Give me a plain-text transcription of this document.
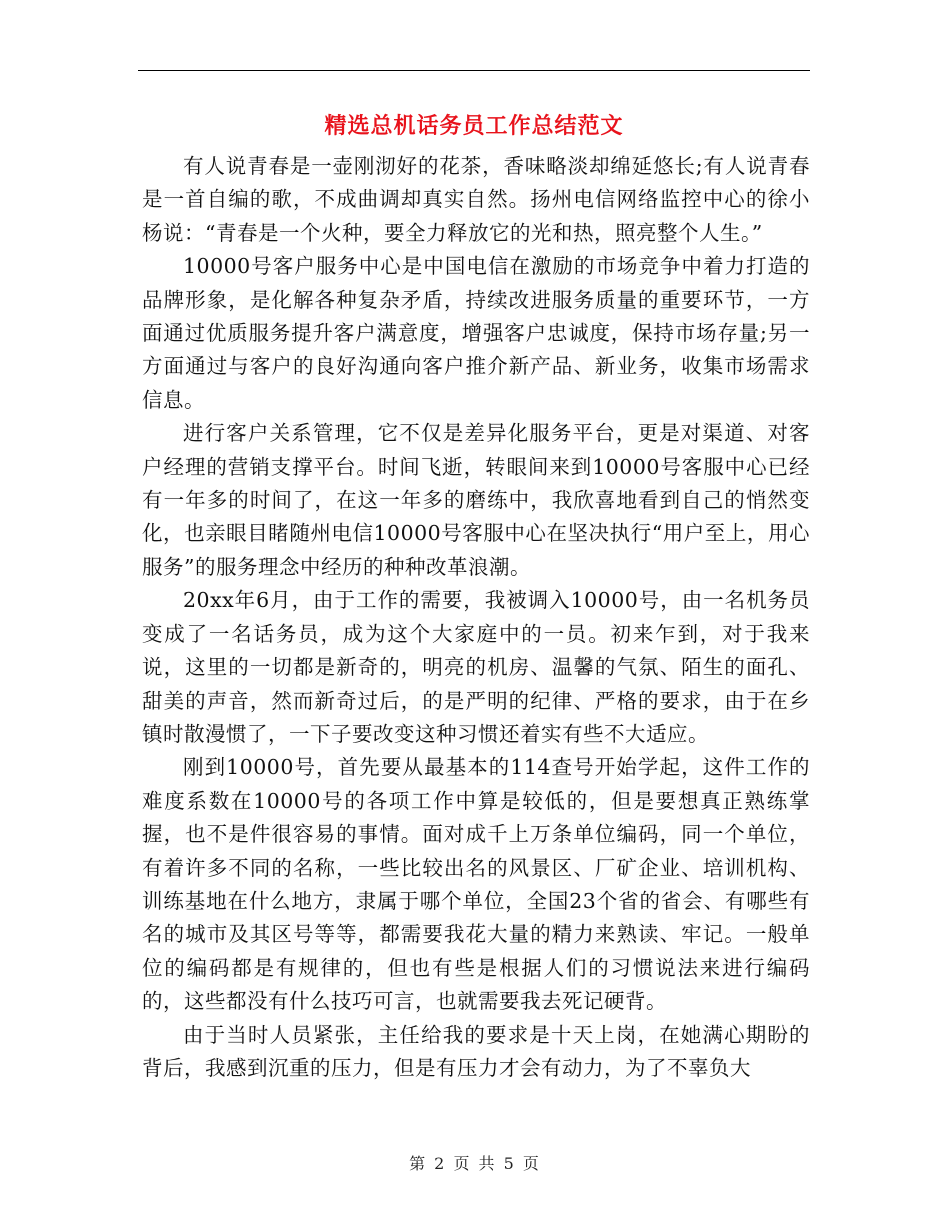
精选总机话务员工作总结范文

有人说青春是一壶刚沏好的花茶，香味略淡却绵延悠长;有人说青春是一首自编的歌，不成曲调却真实自然。扬州电信网络监控中心的徐小杨说：“青春是一个火种，要全力释放它的光和热，照亮整个人生。”

10000号客户服务中心是中国电信在激励的市场竞争中着力打造的品牌形象，是化解各种复杂矛盾，持续改进服务质量的重要环节，一方面通过优质服务提升客户满意度，增强客户忠诚度，保持市场存量;另一方面通过与客户的良好沟通向客户推介新产品、新业务，收集市场需求信息。

进行客户关系管理，它不仅是差异化服务平台，更是对渠道、对客户经理的营销支撑平台。时间飞逝，转眼间来到10000号客服中心已经有一年多的时间了，在这一年多的磨练中，我欣喜地看到自己的悄然变化，也亲眼目睹随州电信10000号客服中心在坚决执行“用户至上，用心服务”的服务理念中经历的种种改革浪潮。

20xx年6月，由于工作的需要，我被调入10000号，由一名机务员变成了一名话务员，成为这个大家庭中的一员。初来乍到，对于我来说，这里的一切都是新奇的，明亮的机房、温馨的气氛、陌生的面孔、甜美的声音，然而新奇过后，的是严明的纪律、严格的要求，由于在乡镇时散漫惯了，一下子要改变这种习惯还着实有些不大适应。

刚到10000号，首先要从最基本的114查号开始学起，这件工作的难度系数在10000号的各项工作中算是较低的，但是要想真正熟练掌握，也不是件很容易的事情。面对成千上万条单位编码，同一个单位，有着许多不同的名称，一些比较出名的风景区、厂矿企业、培训机构、训练基地在什么地方，隶属于哪个单位，全国23个省的省会、有哪些有名的城市及其区号等等，都需要我花大量的精力来熟读、牢记。一般单位的编码都是有规律的，但也有些是根据人们的习惯说法来进行编码的，这些都没有什么技巧可言，也就需要我去死记硬背。

由于当时人员紧张，主任给我的要求是十天上岗，在她满心期盼的背后，我感到沉重的压力，但是有压力才会有动力，为了不辜负大

第 2 页 共 5 页
